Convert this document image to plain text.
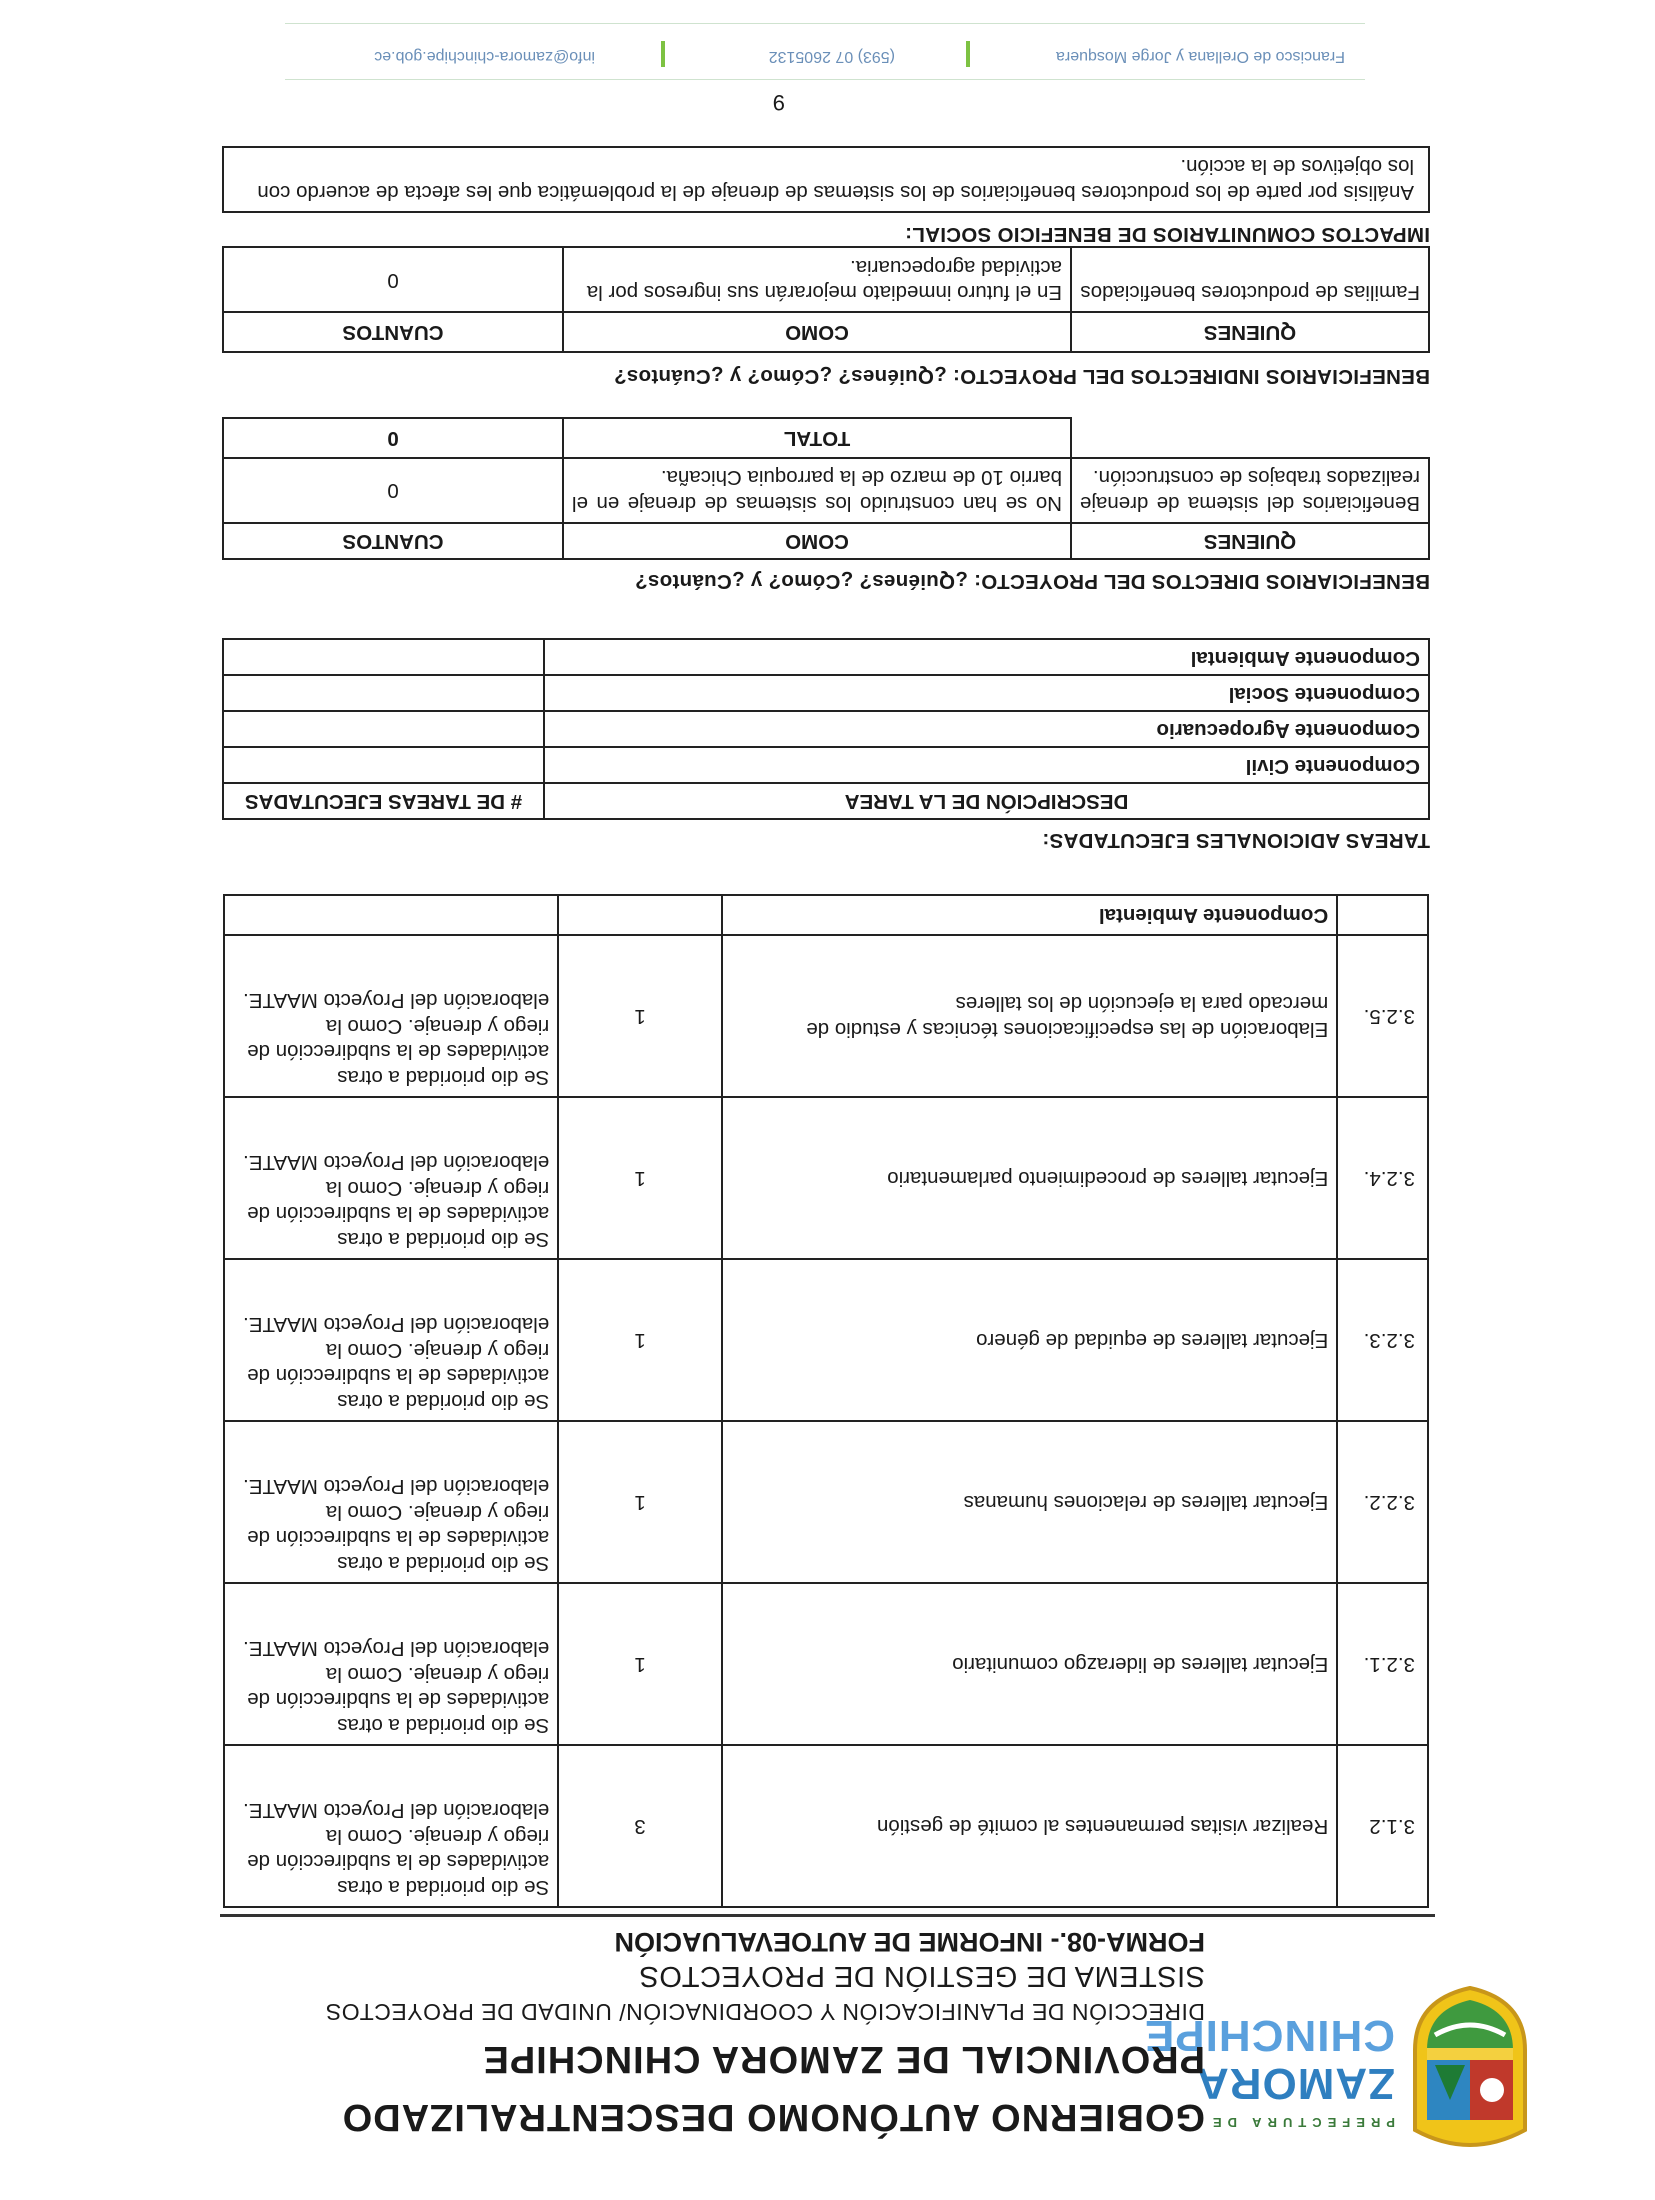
PREFECTURA DE
ZAMORA
CHINCHIPE
GOBIERNO AUTÓNOMO DESCENTRALIZADO
PROVINCIAL DE ZAMORA CHINCHIPE
DIRECCIÓN DE PLANIFICACIÓN Y COORDINACIÓN/ UNIDAD DE PROYECTOS
SISTEMA DE GESTIÓN DE PROYECTOS
FORMA-08.- INFORME DE AUTOEVALUACIÓN
3.1.2	Realizar visitas permanentes al comité de gestión	3	Se dio prioridad a otras actividades de la subdirección de riego y drenaje. Como la elaboración del Proyecto MAATE.
3.2.1.	Ejecutar talleres de liderazgo comunitario	1	Se dio prioridad a otras actividades de la subdirección de riego y drenaje. Como la elaboración del Proyecto MAATE.
3.2.2.	Ejecutar talleres de relaciones humanas	1	Se dio prioridad a otras actividades de la subdirección de riego y drenaje. Como la elaboración del Proyecto MAATE.
3.2.3.	Ejecutar talleres de equidad de género	1	Se dio prioridad a otras actividades de la subdirección de riego y drenaje. Como la elaboración del Proyecto MAATE.
3.2.4.	Ejecutar talleres de procedimiento parlamentario	1	Se dio prioridad a otras actividades de la subdirección de riego y drenaje. Como la elaboración del Proyecto MAATE.
3.2.5.	Elaboración de las especificaciones técnicas y estudio de mercado para la ejecución de los talleres	1	Se dio prioridad a otras actividades de la subdirección de riego y drenaje. Como la elaboración del Proyecto MAATE.
	Componente Ambiental		
TAREAS ADICIONALES EJECUTADAS:
DESCRIPCIÓN DE LA TAREA	# DE TAREAS EJECUTADAS
Componente Civil	
Componente Agropecuario	
Componente Social	
Componente Ambiental	
BENEFICIARIOS DIRECTOS DEL PROYECTO: ¿Quiénes? ¿Cómo? y ¿Cuántos?
QUIENES	COMO	CUANTOS
Beneficiarios del sistema de drenaje realizados trabajos de construcción.	No se han construido los sistemas de drenaje en el barrio 10 de marzo de la parroquia Chicaña.	0
	TOTAL	0
BENEFICIARIOS INDIRECTOS DEL PROYECTO: ¿Quiénes? ¿Cómo? y ¿Cuántos?
QUIENES	COMO	CUANTOS
Familias de productores beneficiados	En el futuro inmediato mejorarán sus ingresos por la actividad agropecuaria.	0
IMPACTOS COMUNITARIOS DE BENEFICIO SOCIAL:
Análisis por parte de los productores beneficiarios de los sistemas de drenaje de la problemática que les afecta de acuerdo con los objetivos de la acción.
9
Francisco de Orellana y Jorge Mosquera
(593) 07 2605132
info@zamora-chinchipe.gob.ec
